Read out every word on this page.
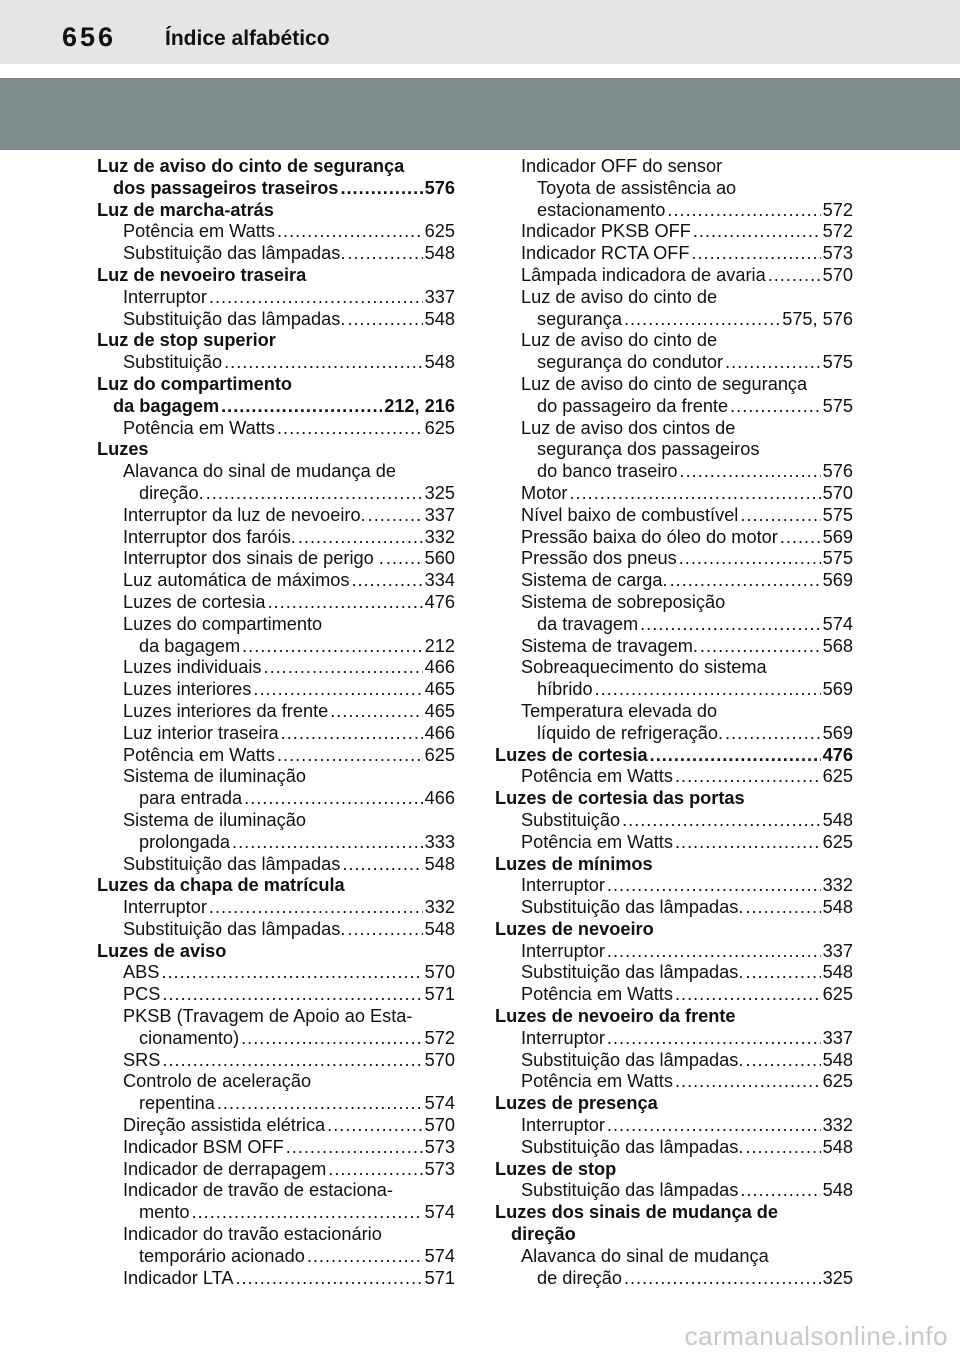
656 Índice alfabético
Luz de aviso do cinto de segurança
dos passageiros traseiros .....	576
Luz de marcha-atrás
Potência em Watts .....	625
Substituição das lâmpadas. .....	548
Luz de nevoeiro traseira
Interruptor .....	337
Substituição das lâmpadas. .....	548
Luz de stop superior
Substituição .....	548
Luz do compartimento
da bagagem .....	212, 216
Potência em Watts .....	625
Luzes
Alavanca do sinal de mudança de
direção. .....	325
Interruptor da luz de nevoeiro. .....	337
Interruptor dos faróis. .....	332
Interruptor dos sinais de perigo . ..... 560
Luz automática de máximos .....	334
Luzes de cortesia .....	476
Luzes do compartimento
da bagagem .....	212
Luzes individuais .....	466
Luzes interiores .....	465
Luzes interiores da frente .....	465
Luz interior traseira .....	466
Potência em Watts .....	625
Sistema de iluminação
para entrada .....	466
Sistema de iluminação
prolongada .....	333
Substituição das lâmpadas .....	548
Luzes da chapa de matrícula
Interruptor .....	332
Substituição das lâmpadas. .....	548
Luzes de aviso
ABS .....	570
PCS .....	571
PKSB (Travagem de Apoio ao Esta-
cionamento) .....	572
SRS .....	570
Controlo de aceleração
repentina .....	574
Direção assistida elétrica .....	570
Indicador BSM OFF .....	573
Indicador de derrapagem .....	573
Indicador de travão de estaciona-
mento .....	574
Indicador do travão estacionário
temporário acionado .....	574
Indicador LTA .....	571
Indicador OFF do sensor
Toyota de assistência ao
estacionamento .....	572
Indicador PKSB OFF .....	572
Indicador RCTA OFF .....	573
Lâmpada indicadora de avaria .....	570
Luz de aviso do cinto de
segurança .....	575, 576
Luz de aviso do cinto de
segurança do condutor .....	575
Luz de aviso do cinto de segurança
do passageiro da frente .....	575
Luz de aviso dos cintos de
segurança dos passageiros
do banco traseiro .....	576
Motor .....	570
Nível baixo de combustível .....	575
Pressão baixa do óleo do motor ..... 569
Pressão dos pneus .....	575
Sistema de carga. .....	569
Sistema de sobreposição
da travagem .....	574
Sistema de travagem. .....	568
Sobreaquecimento do sistema
híbrido .....	569
Temperatura elevada do
líquido de refrigeração. .....	569
Luzes de cortesia .....	476
Potência em Watts .....	625
Luzes de cortesia das portas
Substituição .....	548
Potência em Watts .....	625
Luzes de mínimos
Interruptor .....	332
Substituição das lâmpadas. .....	548
Luzes de nevoeiro
Interruptor .....	337
Substituição das lâmpadas. .....	548
Potência em Watts .....	625
Luzes de nevoeiro da frente
Interruptor .....	337
Substituição das lâmpadas. .....	548
Potência em Watts .....	625
Luzes de presença
Interruptor .....	332
Substituição das lâmpadas. .....	548
Luzes de stop
Substituição das lâmpadas .....	548
Luzes dos sinais de mudança de
direção
Alavanca do sinal de mudança
de direção .....	325
carmanualsonline.info
